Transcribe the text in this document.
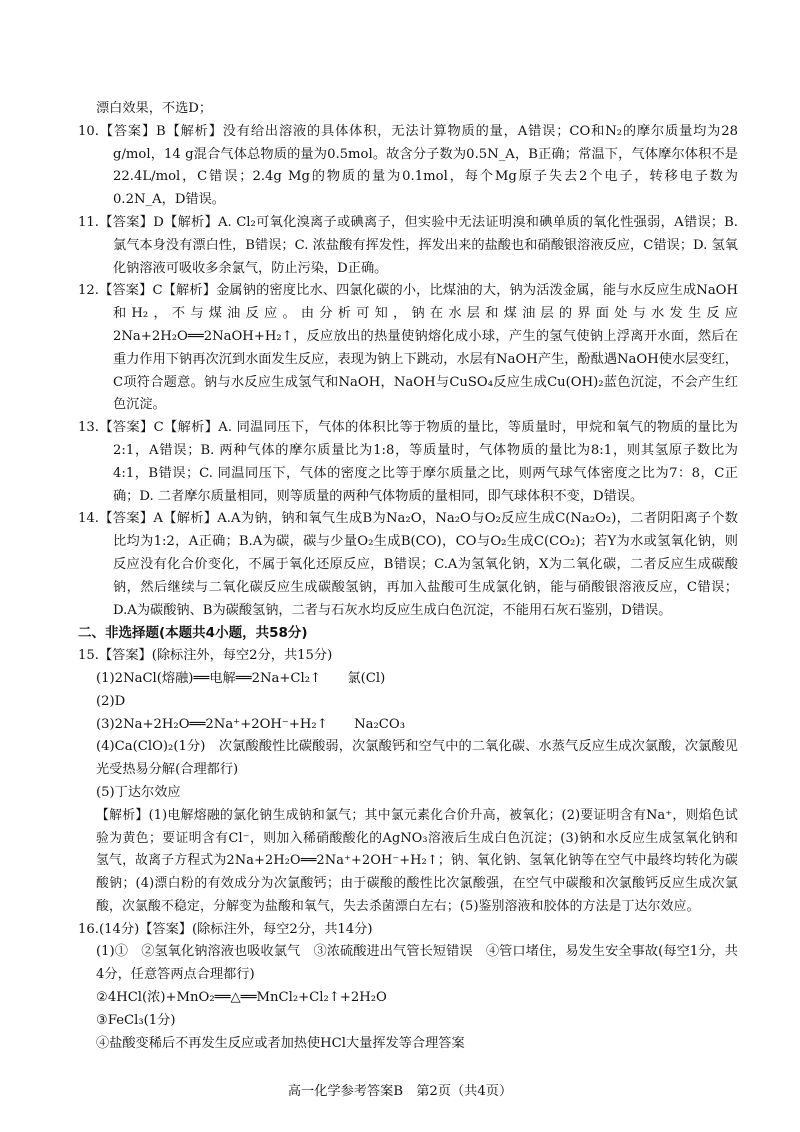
漂白效果，不选D；

10.【答案】B【解析】没有给出溶液的具体体积，无法计算物质的量，A错误；CO和N₂的摩尔质量均为28 g/mol，14 g混合气体总物质的量为0.5mol。故含分子数为0.5N_A，B正确；常温下，气体摩尔体积不是22.4L/mol，C错误；2.4g Mg的物质的量为0.1mol，每个Mg原子失去2个电子，转移电子数为0.2N_A，D错误。

11.【答案】D【解析】A. Cl₂可氧化溴离子或碘离子，但实验中无法证明溴和碘单质的氧化性强弱，A错误；B. 氯气本身没有漂白性，B错误；C. 浓盐酸有挥发性，挥发出来的盐酸也和硝酸银溶液反应，C错误；D. 氢氧化钠溶液可吸收多余氯气，防止污染，D正确。

12.【答案】C【解析】金属钠的密度比水、四氯化碳的小，比煤油的大，钠为活泼金属，能与水反应生成NaOH和H₂，不与煤油反应。由分析可知，钠在水层和煤油层的界面处与水发生反应2Na+2H₂O══2NaOH+H₂↑，反应放出的热量使钠熔化成小球，产生的氢气使钠上浮离开水面，然后在重力作用下钠再次沉到水面发生反应，表现为钠上下跳动，水层有NaOH产生，酚酞遇NaOH使水层变红，C项符合题意。钠与水反应生成氢气和NaOH，NaOH与CuSO₄反应生成Cu(OH)₂蓝色沉淀，不会产生红色沉淀。

13.【答案】C【解析】A. 同温同压下，气体的体积比等于物质的量比，等质量时，甲烷和氧气的物质的量比为2:1，A错误；B. 两种气体的摩尔质量比为1:8，等质量时，气体物质的量比为8:1，则其氢原子数比为4:1，B错误；C. 同温同压下，气体的密度之比等于摩尔质量之比，则两气球气体密度之比为7：8，C正确；D. 二者摩尔质量相同，则等质量的两种气体物质的量相同，即气球体积不变，D错误。

14.【答案】A【解析】A.A为钠，钠和氧气生成B为Na₂O，Na₂O与O₂反应生成C(Na₂O₂)，二者阴阳离子个数比均为1:2，A正确；B.A为碳，碳与少量O₂生成B(CO)，CO与O₂生成C(CO₂)；若Y为水或氢氧化钠，则反应没有化合价变化，不属于氧化还原反应，B错误；C.A为氢氧化钠，X为二氧化碳，二者反应生成碳酸钠，然后继续与二氧化碳反应生成碳酸氢钠，再加入盐酸可生成氯化钠，能与硝酸银溶液反应，C错误；D.A为碳酸钠、B为碳酸氢钠，二者与石灰水均反应生成白色沉淀，不能用石灰石鉴别，D错误。

二、非选择题(本题共4小题，共58分)

15.【答案】(除标注外，每空2分，共15分)

(1)2NaCl(熔融)══电解══2Na+Cl₂↑　　氯(Cl)

(2)D

(3)2Na+2H₂O══2Na⁺+2OH⁻+H₂↑　　Na₂CO₃

(4)Ca(ClO)₂(1分)　次氯酸酸性比碳酸弱，次氯酸钙和空气中的二氧化碳、水蒸气反应生成次氯酸，次氯酸见光受热易分解(合理都行)

(5)丁达尔效应

【解析】(1)电解熔融的氯化钠生成钠和氯气；其中氯元素化合价升高，被氧化；(2)要证明含有Na⁺，则焰色试验为黄色；要证明含有Cl⁻，则加入稀硝酸酸化的AgNO₃溶液后生成白色沉淀；(3)钠和水反应生成氢氧化钠和氢气，故离子方程式为2Na+2H₂O══2Na⁺+2OH⁻+H₂↑；钠、氧化钠、氢氧化钠等在空气中最终均转化为碳酸钠；(4)漂白粉的有效成分为次氯酸钙；由于碳酸的酸性比次氯酸强，在空气中碳酸和次氯酸钙反应生成次氯酸，次氯酸不稳定，分解变为盐酸和氧气，失去杀菌漂白左右；(5)鉴别溶液和胶体的方法是丁达尔效应。

16.(14分)【答案】(除标注外，每空2分，共14分)

(1)①　②氢氧化钠溶液也吸收氯气　③浓硫酸进出气管长短错误　④管口堵住，易发生安全事故(每空1分，共4分，任意答两点合理都行)

②4HCl(浓)+MnO₂══△══MnCl₂+Cl₂↑+2H₂O

③FeCl₃(1分)

④盐酸变稀后不再发生反应或者加热使HCl大量挥发等合理答案

高一化学参考答案B　第2页（共4页）
